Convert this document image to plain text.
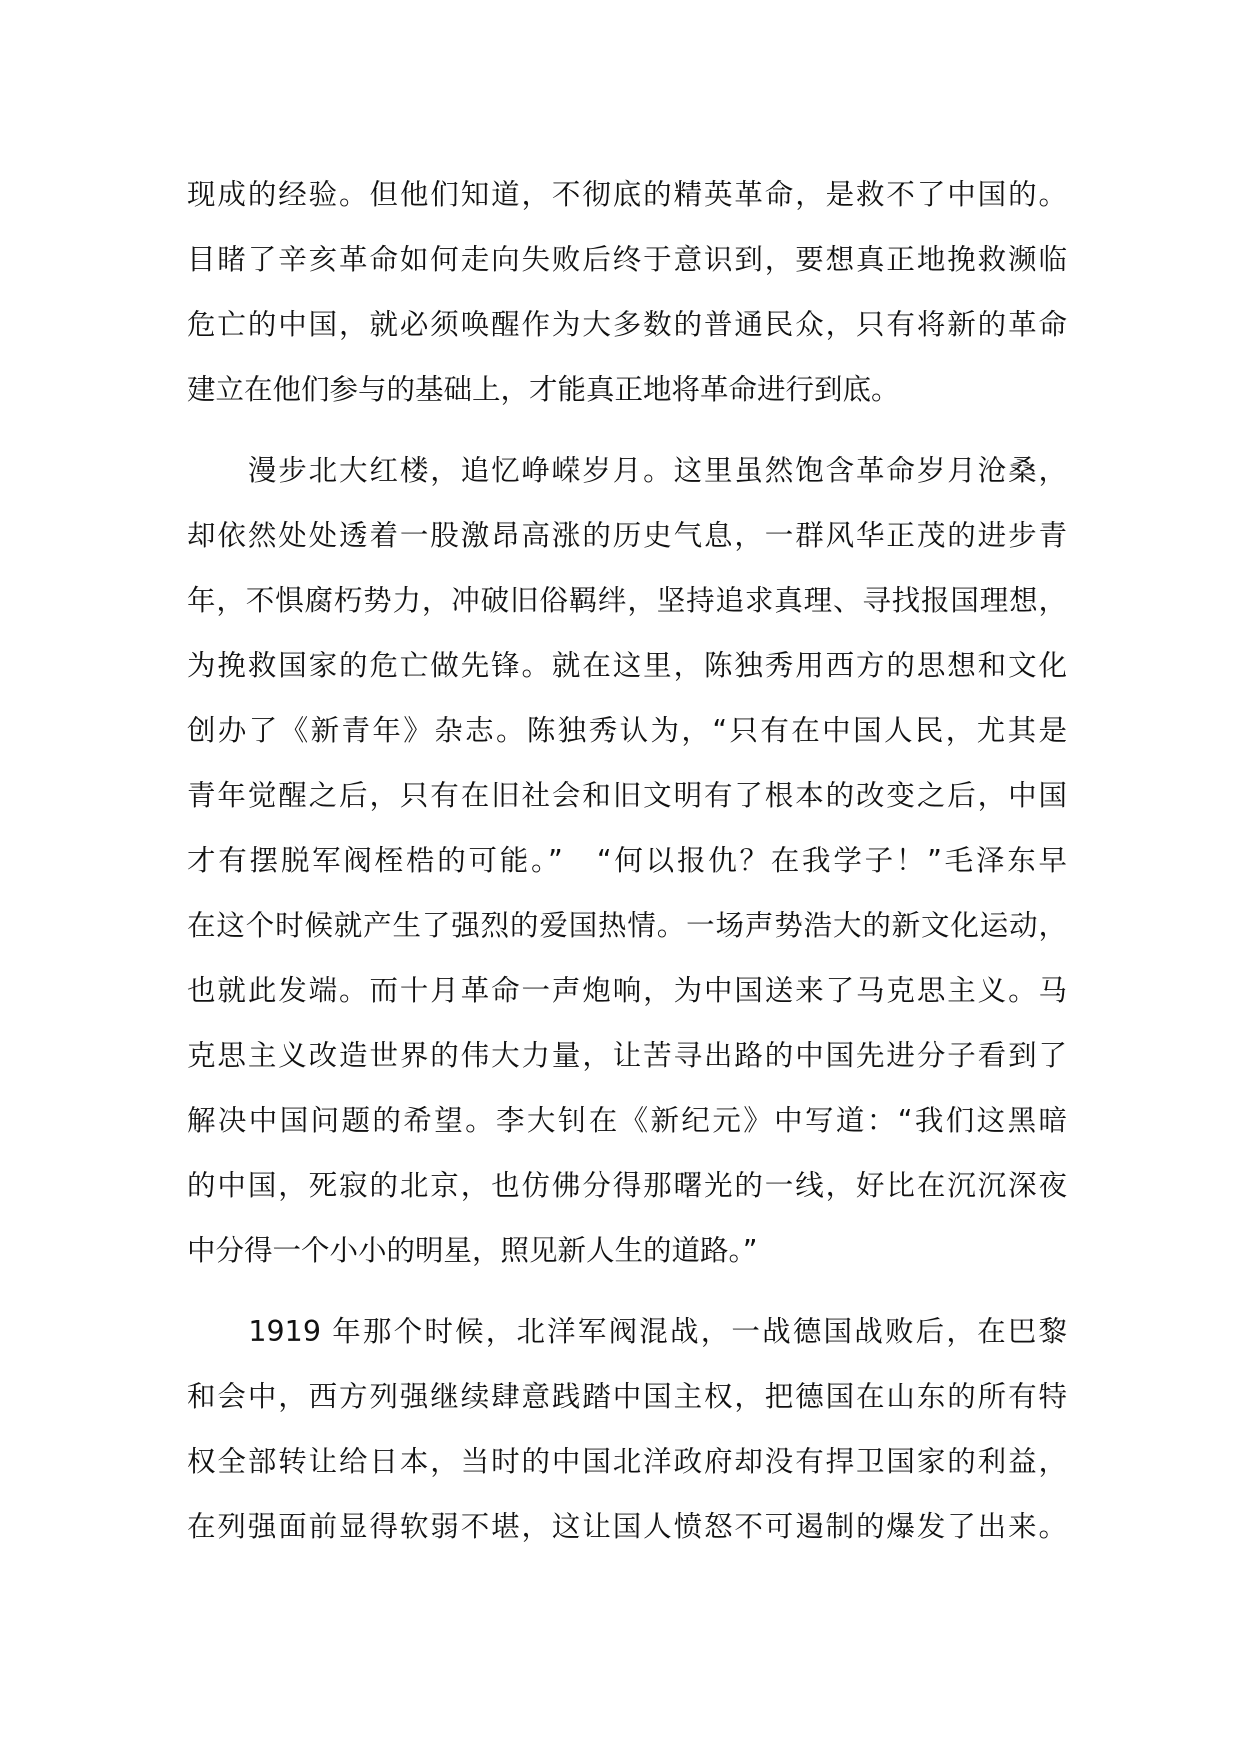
现成的经验。但他们知道，不彻底的精英革命，是救不了中国的。
目睹了辛亥革命如何走向失败后终于意识到，要想真正地挽救濒临
危亡的中国，就必须唤醒作为大多数的普通民众，只有将新的革命
建立在他们参与的基础上，才能真正地将革命进行到底。
　　漫步北大红楼，追忆峥嵘岁月。这里虽然饱含革命岁月沧桑，
却依然处处透着一股激昂高涨的历史气息，一群风华正茂的进步青
年，不惧腐朽势力，冲破旧俗羁绊，坚持追求真理、寻找报国理想，
为挽救国家的危亡做先锋。就在这里，陈独秀用西方的思想和文化
创办了《新青年》杂志。陈独秀认为，“只有在中国人民，尤其是
青年觉醒之后，只有在旧社会和旧文明有了根本的改变之后，中国
才有摆脱军阀桎梏的可能。”　“何以报仇？在我学子！”毛泽东早
在这个时候就产生了强烈的爱国热情。一场声势浩大的新文化运动，
也就此发端。而十月革命一声炮响，为中国送来了马克思主义。马
克思主义改造世界的伟大力量，让苦寻出路的中国先进分子看到了
解决中国问题的希望。李大钊在《新纪元》中写道：“我们这黑暗
的中国，死寂的北京，也仿佛分得那曙光的一线，好比在沉沉深夜
中分得一个小小的明星，照见新人生的道路。”
　　1919 年那个时候，北洋军阀混战，一战德国战败后，在巴黎
和会中，西方列强继续肆意践踏中国主权，把德国在山东的所有特
权全部转让给日本，当时的中国北洋政府却没有捍卫国家的利益，
在列强面前显得软弱不堪，这让国人愤怒不可遏制的爆发了出来。
